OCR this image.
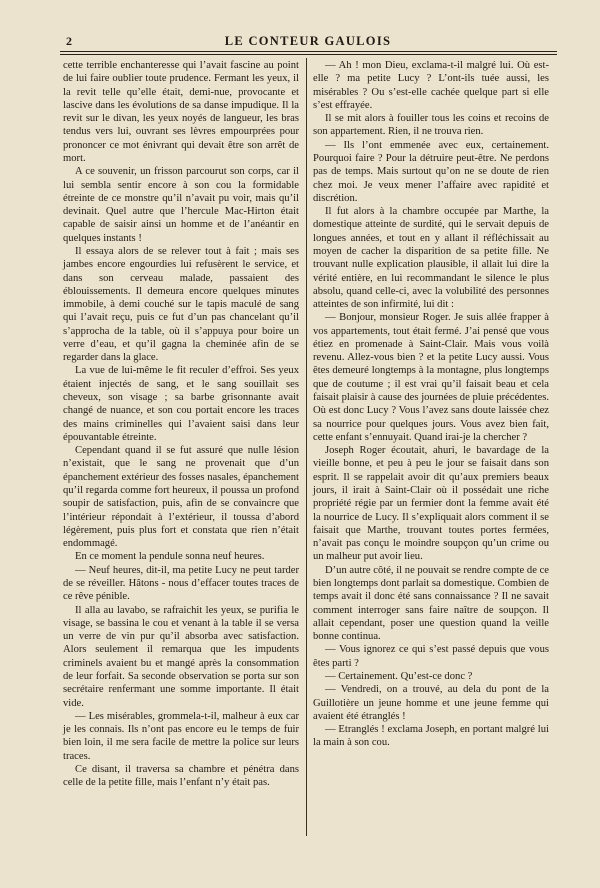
2	LE CONTEUR GAULOIS

cette terrible enchanteresse qui l’avait fascine au point de lui faire oublier toute prudence. Fermant les yeux, il la revit telle qu’elle était, demi-nue, provocante et lascive dans les évolutions de sa danse impudique. Il la revit sur le divan, les yeux noyés de langueur, les bras tendus vers lui, ouvrant ses lèvres empourprées pour prononcer ce mot énivrant qui devait être son arrêt de mort.

A ce souvenir, un frisson parcourut son corps, car il lui sembla sentir encore à son cou la formidable étreinte de ce monstre qu’il n’avait pu voir, mais qu’il devinait. Quel autre que l’hercule Mac-Hirton était capable de saisir ainsi un homme et de l’anéantir en quelques instants !

Il essaya alors de se relever tout à fait ; mais ses jambes encore engourdies lui refusèrent le service, et dans son cerveau malade, passaient des éblouissements. Il demeura encore quelques minutes immobile, à demi couché sur le tapis maculé de sang qui l’avait reçu, puis ce fut d’un pas chancelant qu’il s’approcha de la table, où il s’appuya pour boire un verre d’eau, et qu’il gagna la cheminée afin de se regarder dans la glace.

La vue de lui-même le fit reculer d’effroi. Ses yeux étaient injectés de sang, et le sang souillait ses cheveux, son visage ; sa barbe grisonnante avait changé de nuance, et son cou portait encore les traces des mains criminelles qui l’avaient saisi dans leur épouvantable étreinte.

Cependant quand il se fut assuré que nulle lésion n’existait, que le sang ne provenait que d’un épanchement extérieur des fosses nasales, épanchement qu’il regarda comme fort heureux, il poussa un profond soupir de satisfaction, puis, afin de se convaincre que l’intérieur répondait à l’extérieur, il toussa d’abord légèrement, puis plus fort et constata que rien n’était endommagé.

En ce moment la pendule sonna neuf heures.

— Neuf heures, dit-il, ma petite Lucy ne peut tarder de se réveiller. Hâtons - nous d’effacer toutes traces de ce rêve pénible.

Il alla au lavabo, se rafraichit les yeux, se purifia le visage, se bassina le cou et venant à la table il se versa un verre de vin pur qu’il absorba avec satisfaction. Alors seulement il remarqua que les impudents criminels avaient bu et mangé après la consommation de leur forfait. Sa seconde observation se porta sur son secrétaire renfermant une somme importante. Il était vide.

— Les misérables, grommela-t-il, malheur à eux car je les connais. Ils n’ont pas encore eu le temps de fuir bien loin, il me sera facile de mettre la police sur leurs traces.

Ce disant, il traversa sa chambre et pénétra dans celle de la petite fille, mais l’enfant n’y était pas.

— Ah ! mon Dieu, exclama-t-il malgré lui. Où est-elle ? ma petite Lucy ? L’ont-ils tuée aussi, les misérables ? Ou s’est-elle cachée quelque part si elle s’est effrayée.

Il se mit alors à fouiller tous les coins et recoins de son appartement. Rien, il ne trouva rien.

— Ils l’ont emmenée avec eux, certainement. Pourquoi faire ? Pour la détruire peut-être. Ne perdons pas de temps. Mais surtout qu’on ne se doute de rien chez moi. Je veux mener l’affaire avec rapidité et discrétion.

Il fut alors à la chambre occupée par Marthe, la domestique atteinte de surdité, qui le servait depuis de longues années, et tout en y allant il réfléchissait au moyen de cacher la disparition de sa petite fille. Ne trouvant nulle explication plausible, il allait lui dire la vérité entière, en lui recommandant le silence le plus absolu, quand celle-ci, avec la volubilité des personnes atteintes de son infirmité, lui dit :

— Bonjour, monsieur Roger. Je suis allée frapper à vos appartements, tout était fermé. J’ai pensé que vous étiez en promenade à Saint-Clair. Mais vous voilà revenu. Allez-vous bien ? et la petite Lucy aussi. Vous êtes demeuré longtemps à la montagne, plus longtemps que de coutume ; il est vrai qu’il faisait beau et cela faisait plaisir à cause des journées de pluie précédentes. Où est donc Lucy ? Vous l’avez sans doute laissée chez sa nourrice pour quelques jours. Vous avez bien fait, cette enfant s’ennuyait. Quand irai-je la chercher ?

Joseph Roger écoutait, ahuri, le bavardage de la vieille bonne, et peu à peu le jour se faisait dans son esprit. Il se rappelait avoir dit qu’aux premiers beaux jours, il irait à Saint-Clair où il possédait une riche propriété régie par un fermier dont la femme avait été la nourrice de Lucy. Il s’expliquait alors comment il se faisait que Marthe, trouvant toutes portes fermées, n’avait pas conçu le moindre soupçon qu’un crime ou un malheur put avoir lieu.

D’un autre côté, il ne pouvait se rendre compte de ce bien longtemps dont parlait sa domestique. Combien de temps avait il donc été sans connaissance ? Il ne savait comment interroger sans faire naître de soupçon. Il allait cependant, poser une question quand la veille bonne continua.

— Vous ignorez ce qui s’est passé depuis que vous êtes parti ?

— Certainement. Qu’est-ce donc ?

— Vendredi, on a trouvé, au dela du pont de la Guillotière un jeune homme et une jeune femme qui avaient été étranglés !

— Etranglés ! exclama Joseph, en portant malgré lui la main à son cou.
